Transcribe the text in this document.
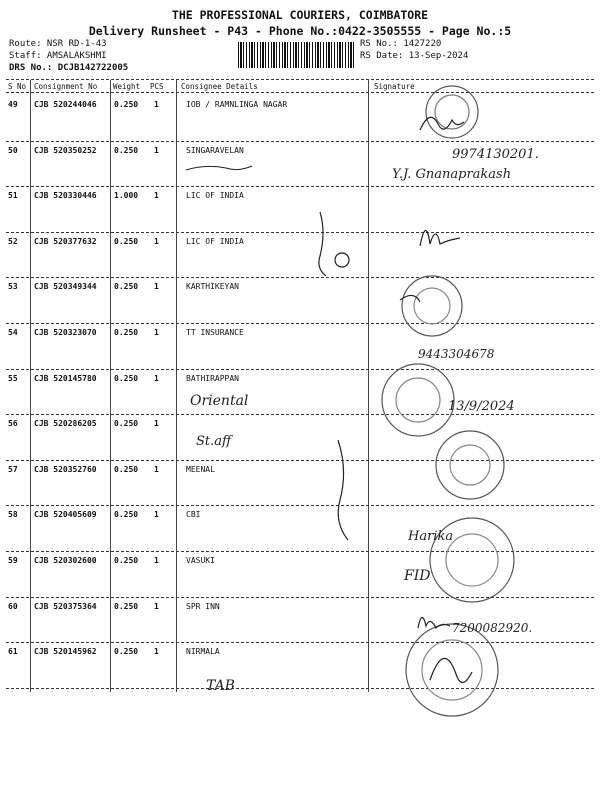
THE PROFESSIONAL COURIERS, COIMBATORE
Delivery Runsheet - P43 - Phone No.:0422-3505555 - Page No.:5
Route: NSR RD-1-43
Staff: AMSALAKSHMI
DRS No.: DCJB142722005
RS No.: 1427220
RS Date: 13-Sep-2024
S No Consignment No Weight PCS Consignee Details	Signature
49 CJB 520244046 0.250 1	IOB / RAMNLINGA NAGAR
50 CJB 520350252 0.250 1	SINGARAVELAN
51 CJB 520330446 1.000 1	LIC OF INDIA
52 CJB 520377632 0.250 1	LIC OF INDIA
53 CJB 520349344 0.250 1	KARTHIKEYAN
54 CJB 520323070 0.250 1	TT INSURANCE
55 CJB 520145780 0.250 1	BATHIRAPPAN
56 CJB 520286205 0.250 1
57 CJB 520352760 0.250 1	MEENAL
58 CJB 520405609 0.250 1	CBI
59 CJB 520302600 0.250 1	VASUKI
60 CJB 520375364 0.250 1	SPR INN
61 CJB 520145962 0.250 1	NIRMALA
9974130201.
Y.J. Gnanaprakash
9443304678
Oriental	13/9/2024
St.aff
Harika
FID
7200082920.
TAB
